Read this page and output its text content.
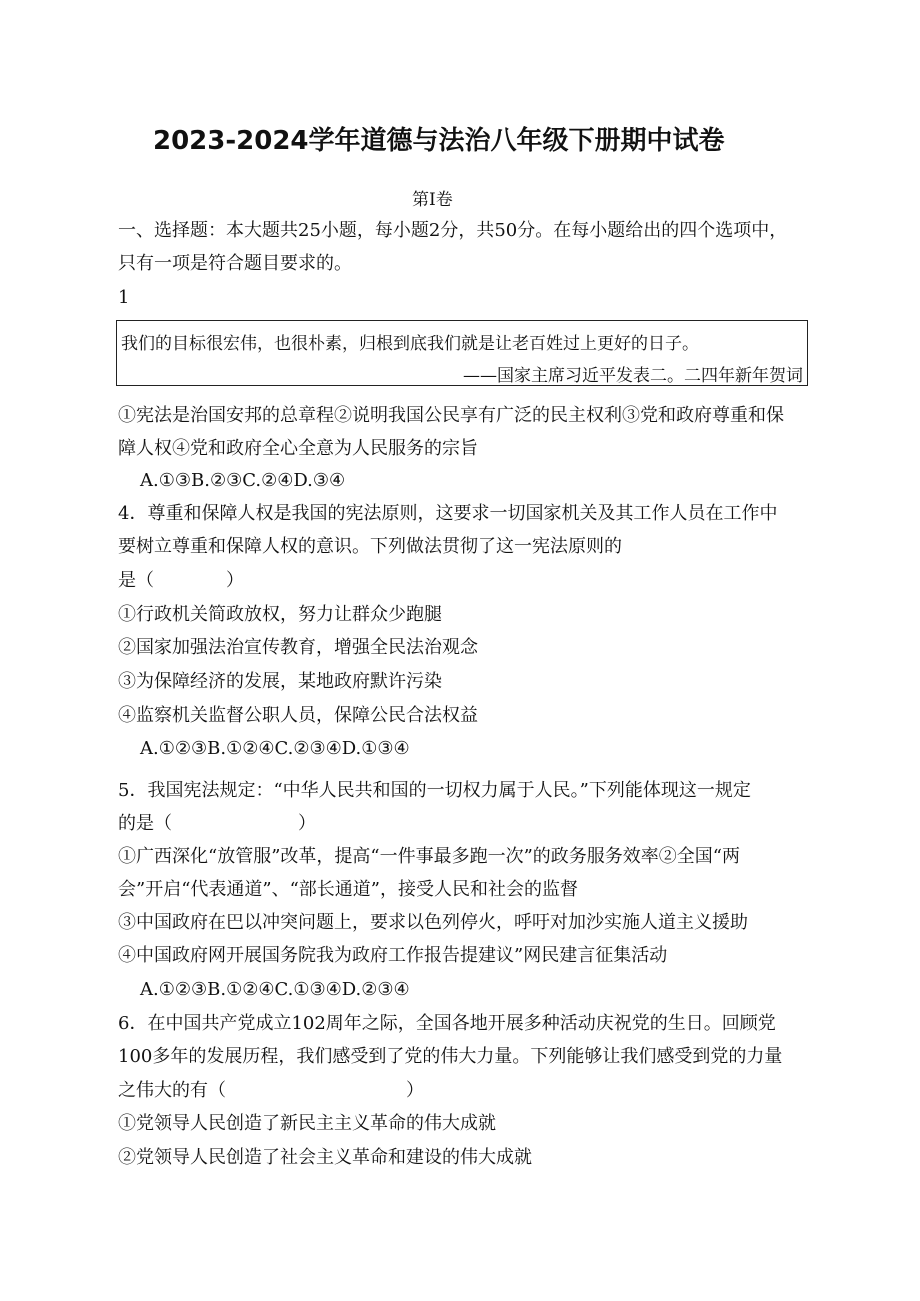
2023-2024学年道德与法治八年级下册期中试卷
第I卷
一、选择题：本大题共25小题，每小题2分，共50分。在每小题给出的四个选项中，
只有一项是符合题目要求的。
1
我们的目标很宏伟，也很朴素，归根到底我们就是让老百姓过上更好的日子。
——国家主席习近平发表二。二四年新年贺词
①宪法是治国安邦的总章程②说明我国公民享有广泛的民主权利③党和政府尊重和保
障人权④党和政府全心全意为人民服务的宗旨
A.①③B.②③C.②④D.③④
4．尊重和保障人权是我国的宪法原则，这要求一切国家机关及其工作人员在工作中
要树立尊重和保障人权的意识。下列做法贯彻了这一宪法原则的
是（　　　　）
①行政机关简政放权，努力让群众少跑腿
②国家加强法治宣传教育，增强全民法治观念
③为保障经济的发展，某地政府默许污染
④监察机关监督公职人员，保障公民合法权益
A.①②③B.①②④C.②③④D.①③④
5．我国宪法规定：“中华人民共和国的一切权力属于人民。”下列能体现这一规定
的是（　　　　　　　）
①广西深化“放管服”改革，提高“一件事最多跑一次”的政务服务效率②全国“两
会”开启“代表通道”、“部长通道”，接受人民和社会的监督
③中国政府在巴以冲突问题上，要求以色列停火，呼吁对加沙实施人道主义援助
④中国政府网开展国务院我为政府工作报告提建议”网民建言征集活动
A.①②③B.①②④C.①③④D.②③④
6．在中国共产党成立102周年之际，全国各地开展多种活动庆祝党的生日。回顾党
100多年的发展历程，我们感受到了党的伟大力量。下列能够让我们感受到党的力量
之伟大的有（　　　　　　　　　　）
①党领导人民创造了新民主主义革命的伟大成就
②党领导人民创造了社会主义革命和建设的伟大成就
